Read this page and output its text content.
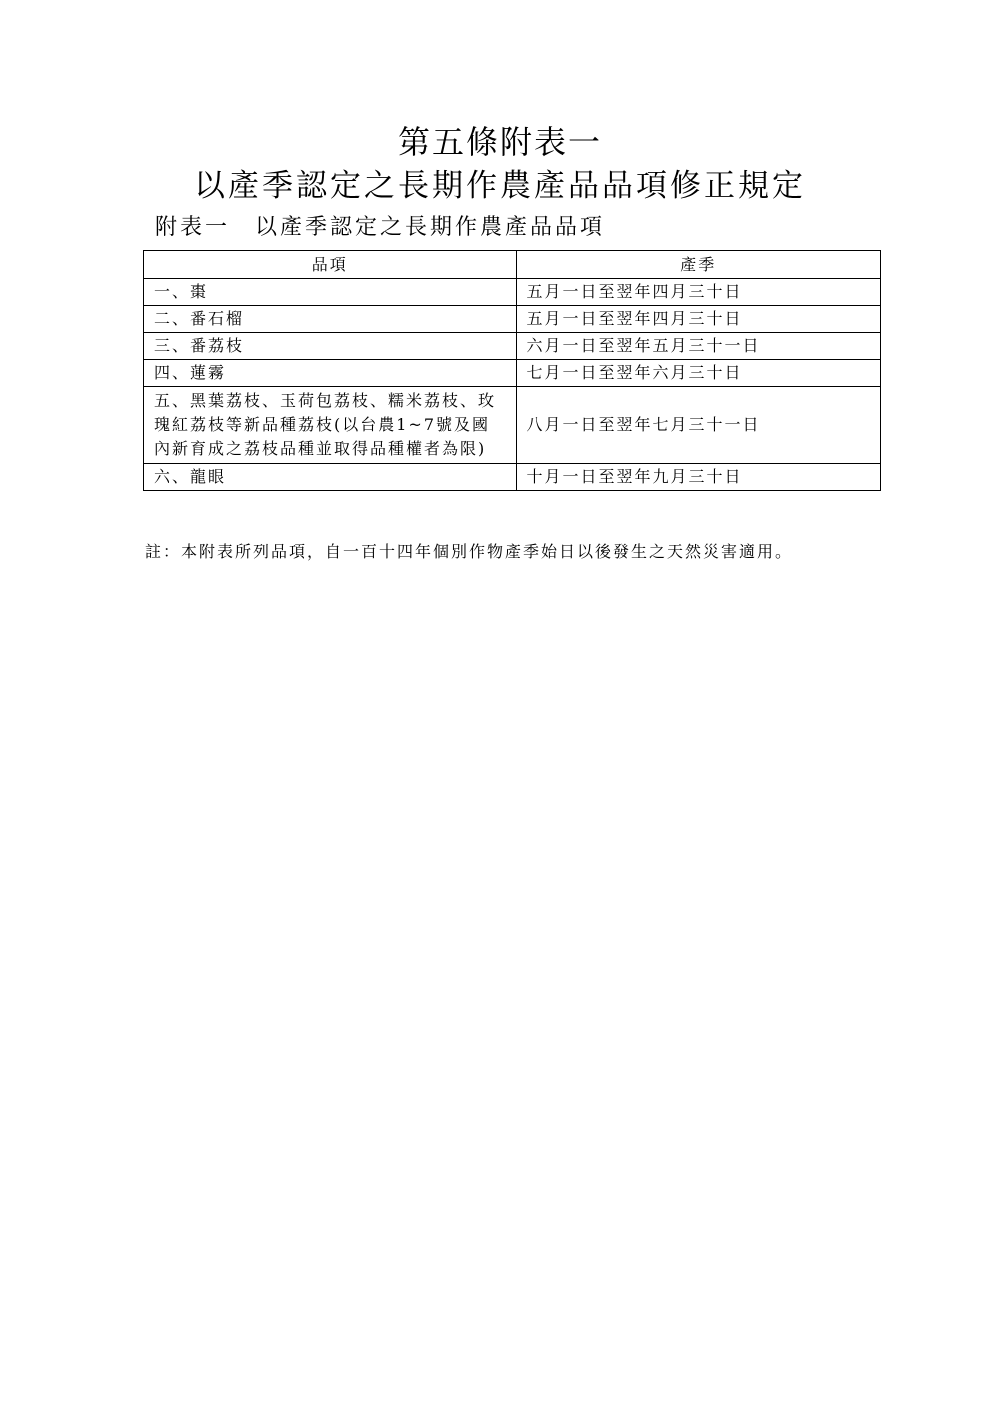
第五條附表一
以產季認定之長期作農產品品項修正規定
附表一　以產季認定之長期作農產品品項
品項	產季
一、棗	五月一日至翌年四月三十日
二、番石榴	五月一日至翌年四月三十日
三、番荔枝	六月一日至翌年五月三十一日
四、蓮霧	七月一日至翌年六月三十日
五、黑葉荔枝、玉荷包荔枝、糯米荔枝、玫瑰紅荔枝等新品種荔枝(以台農1~7號及國內新育成之荔枝品種並取得品種權者為限)	八月一日至翌年七月三十一日
六、龍眼	十月一日至翌年九月三十日
註：本附表所列品項，自一百十四年個別作物產季始日以後發生之天然災害適用。
